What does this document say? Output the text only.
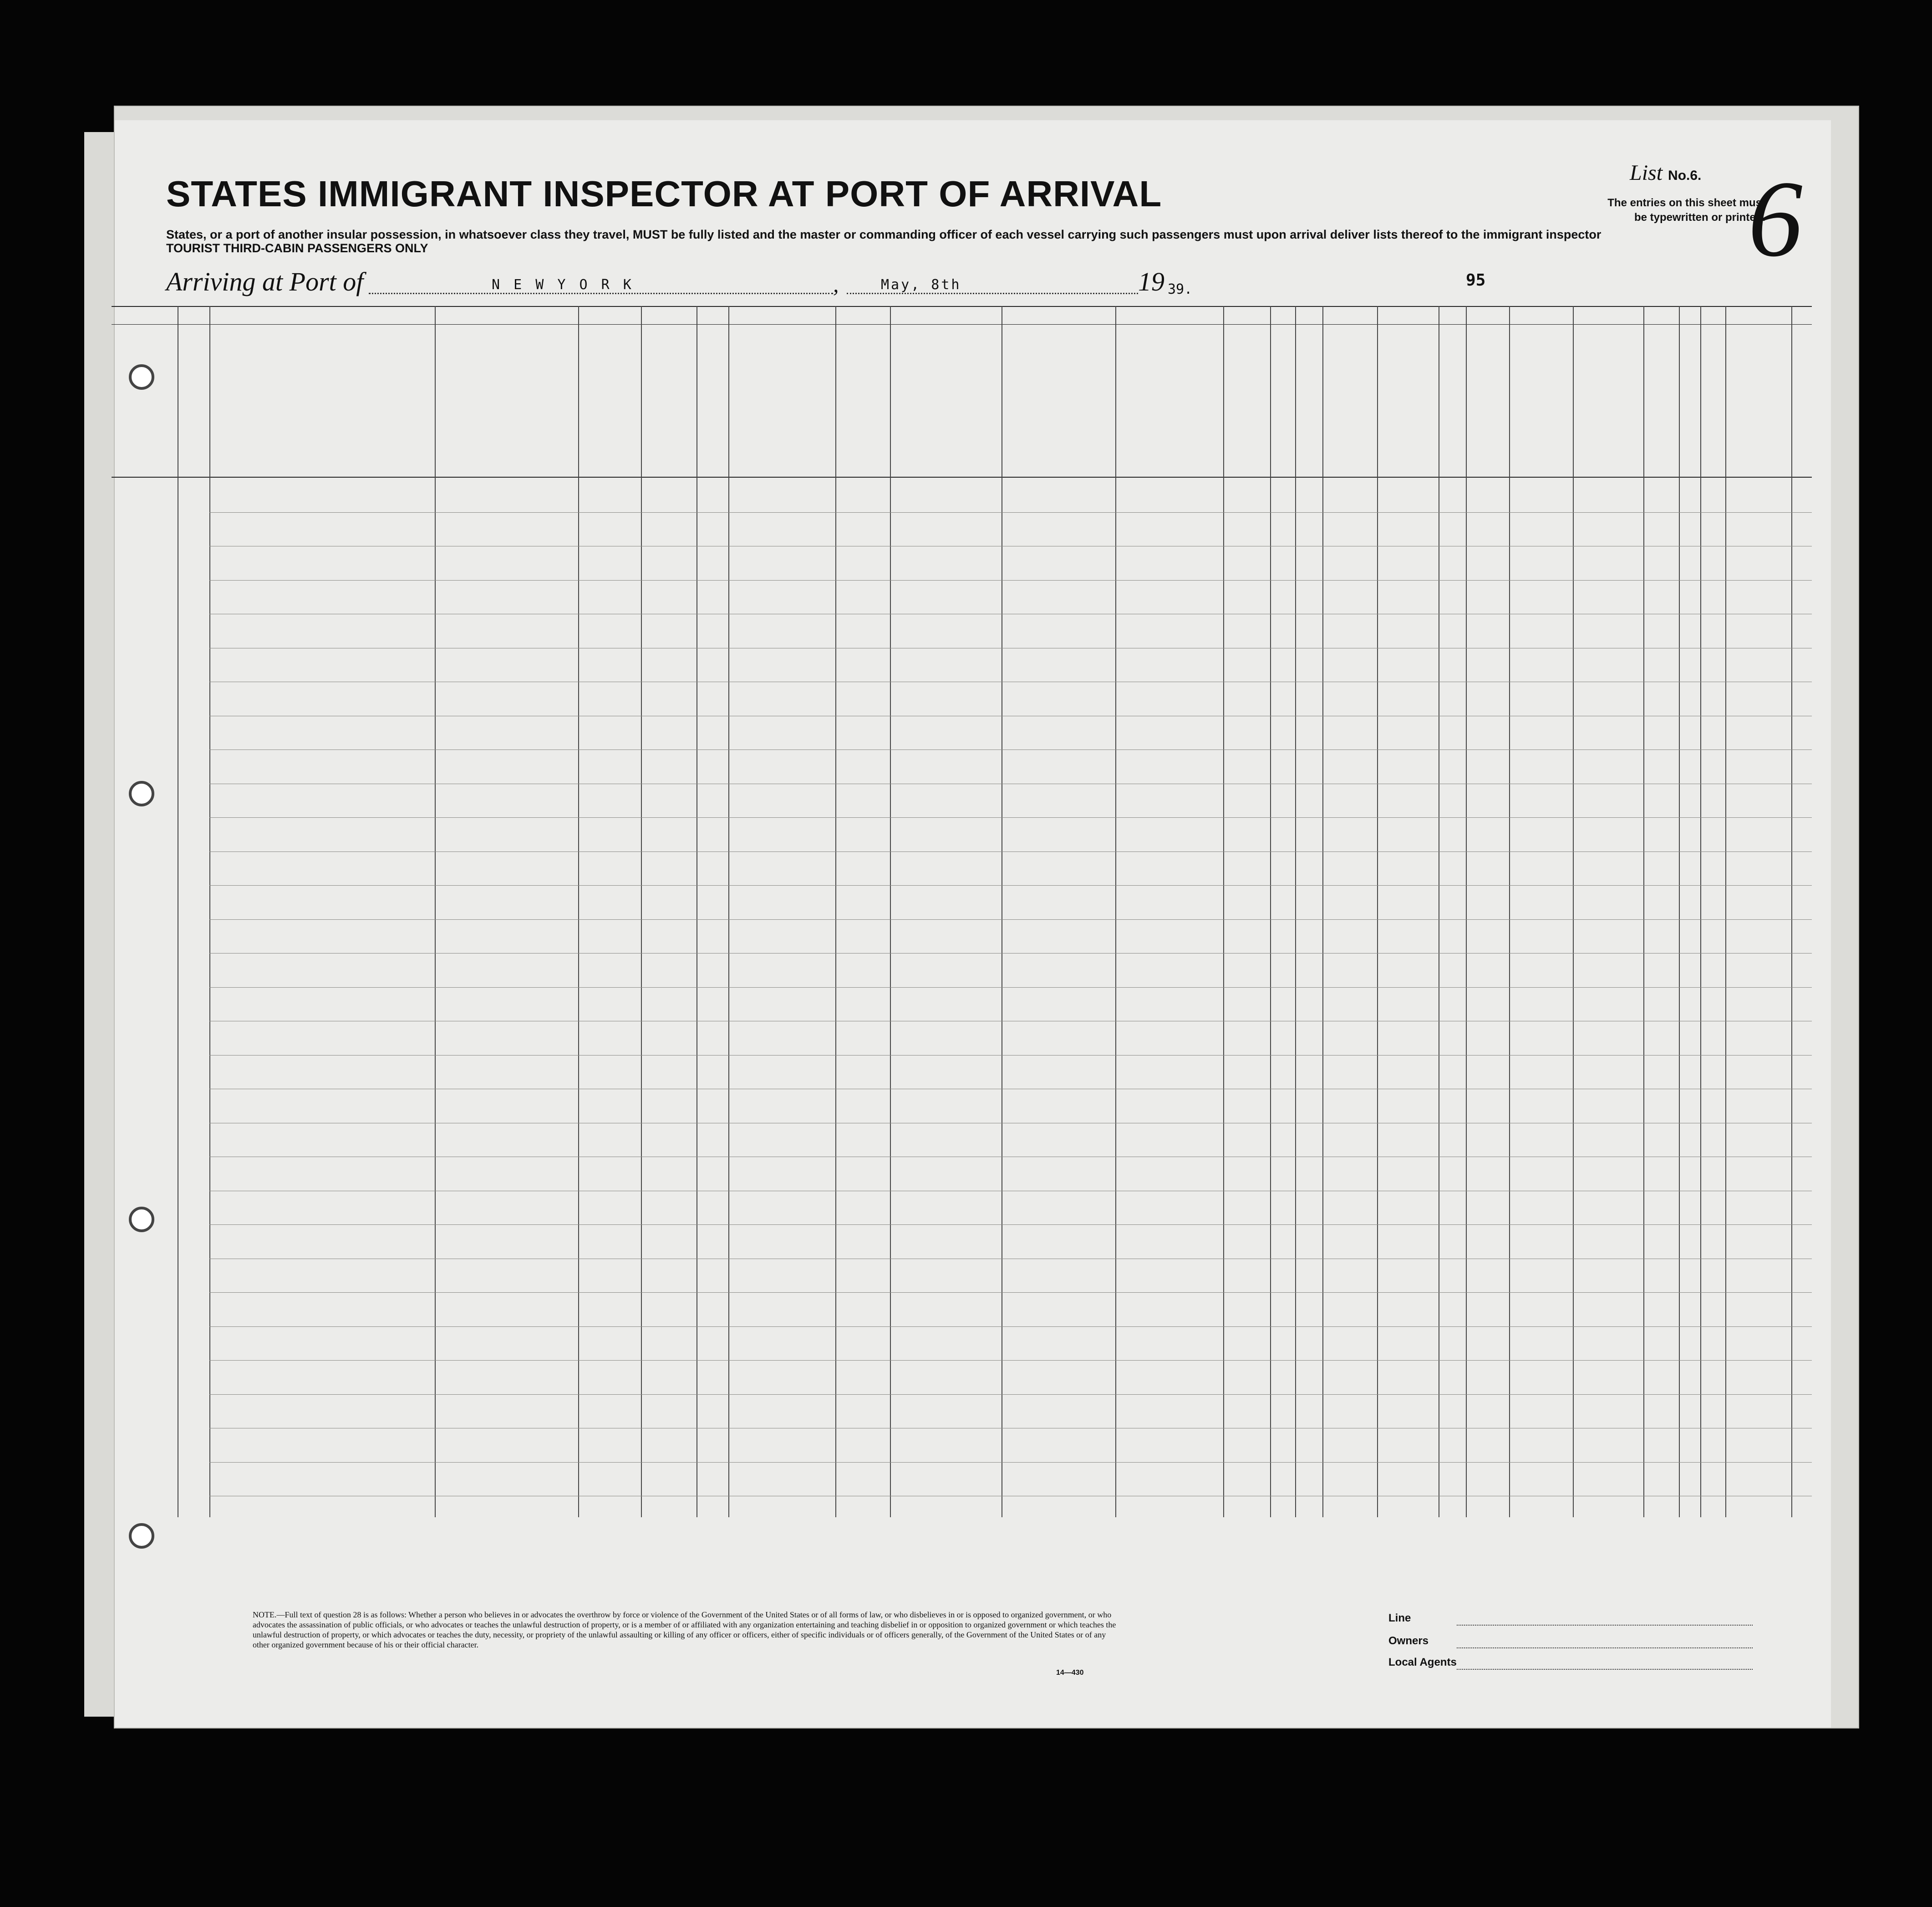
STATES IMMIGRANT INSPECTOR AT PORT OF ARRIVAL
States, or a port of another insular possession, in whatsoever class they travel, MUST be fully listed and the master or commanding officer of each vessel carrying such passengers must upon arrival deliver lists thereof to the immigrant inspector
TOURIST THIRD-CABIN PASSENGERS ONLY
List No.6. 6
The entries on this sheet must
be typewritten or printed.
Arriving at Port of	N E W Y O R K	,	May, 8th	19 39.	95
NOTE.—Full text of question 28 is as follows: Whether a person who believes in or advocates the overthrow by force or violence of the Government of the United States or of all forms of law, or who disbelieves in or is opposed to organized government, or who advocates the assassination of public officials, or who advocates or teaches the unlawful destruction of property, or is a member of or affiliated with any organization entertaining and teaching disbelief in or opposition to organized government or which teaches the unlawful destruction of property, or which advocates or teaches the duty, necessity, or propriety of the unlawful assaulting or killing of any officer or officers, either of specific individuals or of officers generally, of the Government of the United States or of any other organized government because of his or their official character.
14—430
Line
Owners
Local Agents
